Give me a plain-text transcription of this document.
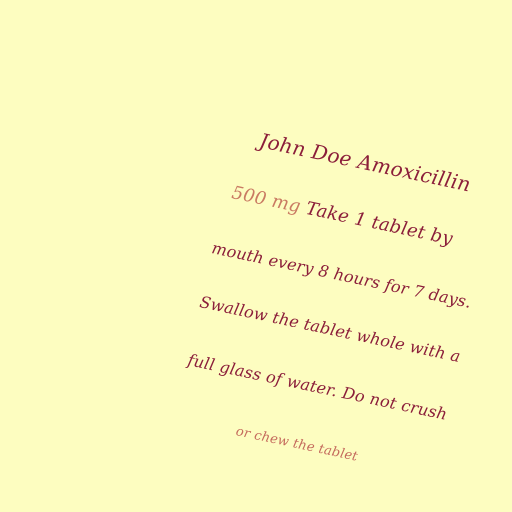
John Doe Amoxicillin
500 mg Take 1 tablet by
mouth every 8 hours for 7 days.
Swallow the tablet whole with a
full glass of water. Do not crush
or chew the tablet
